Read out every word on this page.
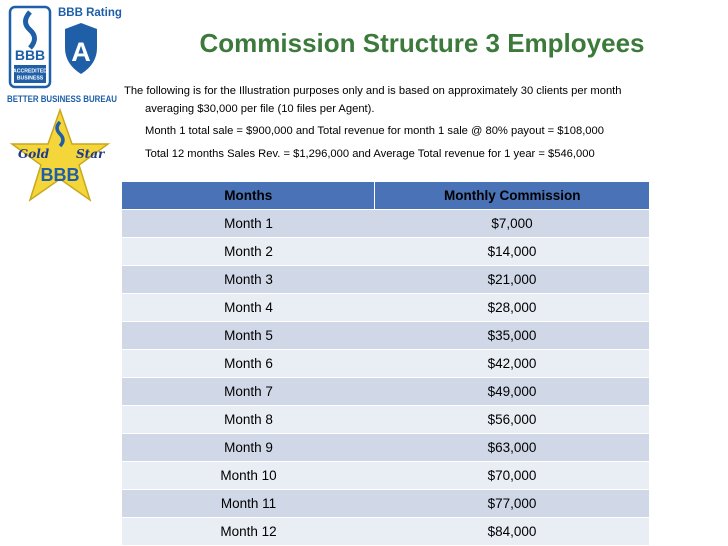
BBB
ACCREDITED
BUSINESS
BBB Rating
A
BETTER BUSINESS BUREAU
Gold Star
BBB
Commission Structure 3 Employees

The following is for the Illustration purposes only and is based on approximately 30 clients per month

averaging $30,000 per file (10 files per Agent).

Month 1 total sale = $900,000 and Total revenue for month 1 sale @ 80% payout = $108,000

Total 12 months Sales Rev. = $1,296,000 and Average Total revenue for 1 year = $546,000

Months	Monthly Commission
Month 1	$7,000
Month 2	$14,000
Month 3	$21,000
Month 4	$28,000
Month 5	$35,000
Month 6	$42,000
Month 7	$49,000
Month 8	$56,000
Month 9	$63,000
Month 10	$70,000
Month 11	$77,000
Month 12	$84,000
